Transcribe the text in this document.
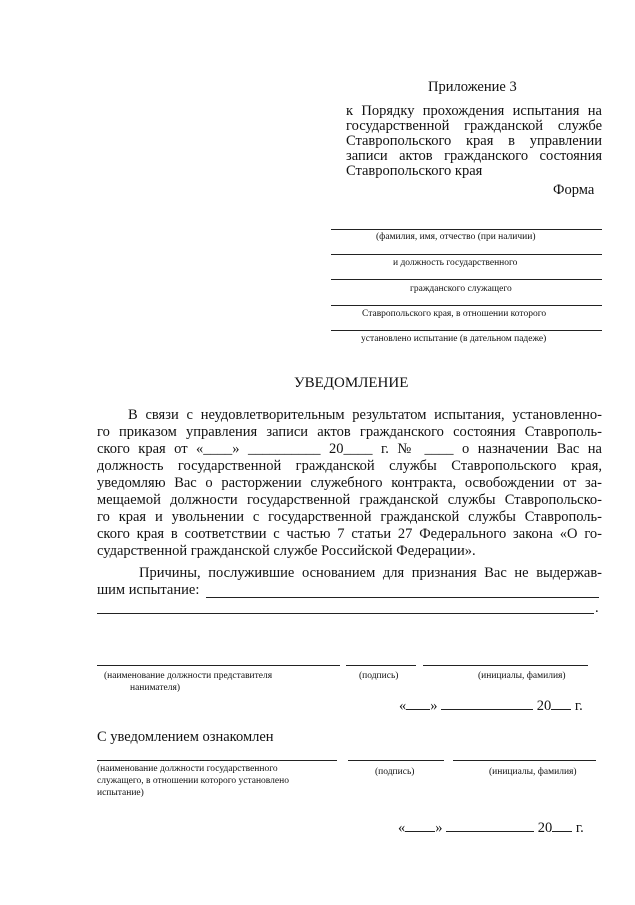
Приложение 3
к Порядку прохождения испытания на
государственной гражданской службе
Ставропольского края в управлении
записи актов гражданского состояния
Ставропольского края
Форма
(фамилия, имя, отчество (при наличии)
и должность государственного
гражданского служащего
Ставропольского края, в отношении которого
установлено испытание (в дательном падеже)
УВЕДОМЛЕНИЕ
В связи с неудовлетворительным результатом испытания, установленно-
го приказом управления записи актов гражданского состояния Ставрополь-
ского края от «____» __________ 20____ г. № ____ о назначении Вас на
должность государственной гражданской службы Ставропольского края,
уведомляю Вас о расторжении служебного контракта, освобождении от за-
мещаемой должности государственной гражданской службы Ставропольско-
го края и увольнении с государственной гражданской службы Ставрополь-
ского края в соответствии с частью 7 статьи 27 Федерального закона «О го-
сударственной гражданской службе Российской Федерации».
Причины, послужившие основанием для признания Вас не выдержав-
шим испытание:
.
(наименование должности представителя
нанимателя)
(подпись)	(инициалы, фамилия)
« »	20 г.
С уведомлением ознакомлен
(наименование должности государственного
служащего, в отношении которого установлено
испытание)
(подпись)	(инициалы, фамилия)
« »	20 г.
